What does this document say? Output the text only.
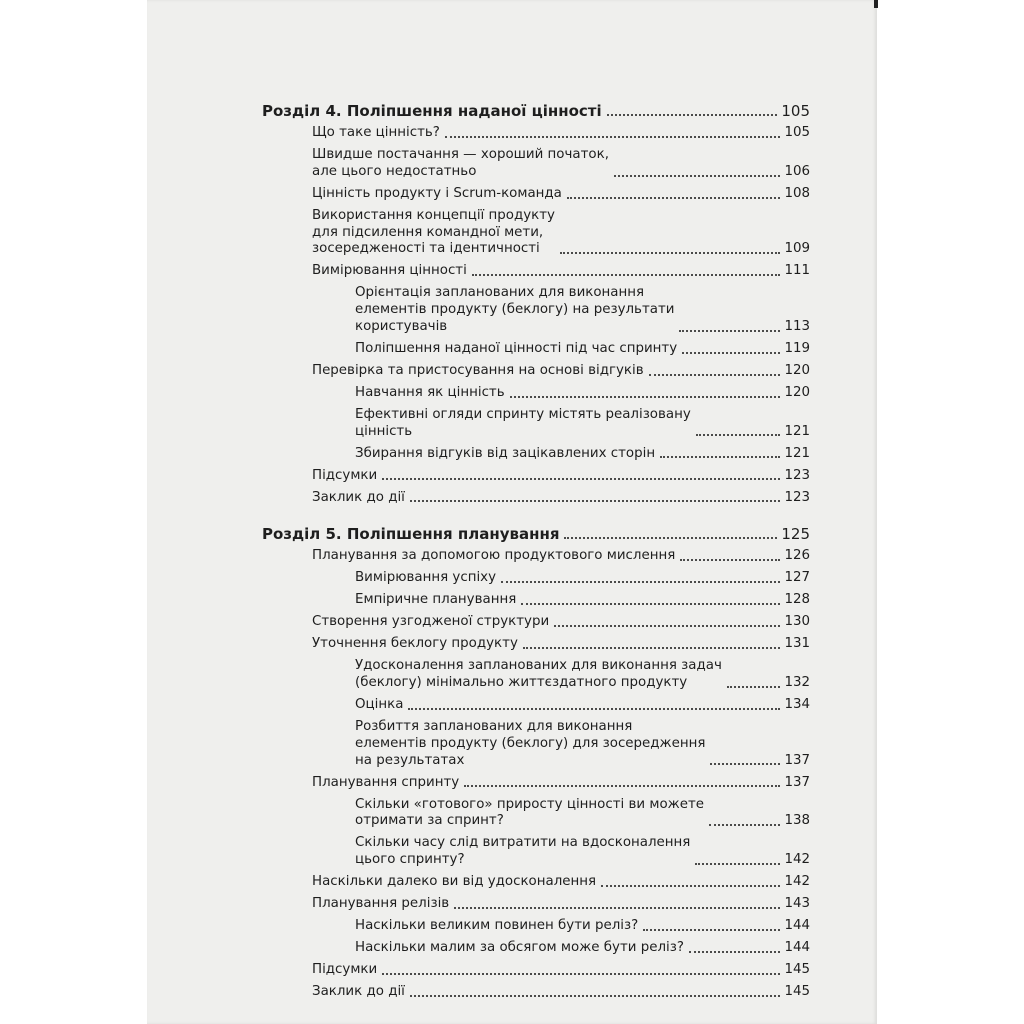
Розділ 4. Поліпшення наданої цінності	105
Що таке цінність?	105
Швидше постачання — хороший початок,
але цього недостатньо	106
Цінність продукту і Scrum-команда	108
Використання концепції продукту
для підсилення командної мети,
зосередженості та ідентичності	109
Вимірювання цінності	111
Орієнтація запланованих для виконання
елементів продукту (беклогу) на результати
користувачів	113
Поліпшення наданої цінності під час спринту	119
Перевірка та пристосування на основі відгуків	120
Навчання як цінність	120
Ефективні огляди спринту містять реалізовану
цінність	121
Збирання відгуків від зацікавлених сторін	121
Підсумки	123
Заклик до дії	123
Розділ 5. Поліпшення планування	125
Планування за допомогою продуктового мислення	126
Вимірювання успіху	127
Емпіричне планування	128
Створення узгодженої структури	130
Уточнення беклогу продукту	131
Удосконалення запланованих для виконання задач
(беклогу) мінімально життєздатного продукту	132
Оцінка	134
Розбиття запланованих для виконання
елементів продукту (беклогу) для зосередження
на результатах	137
Планування спринту	137
Скільки «готового» приросту цінності ви можете
отримати за спринт?	138
Скільки часу слід витратити на вдосконалення
цього спринту?	142
Наскільки далеко ви від удосконалення	142
Планування релізів	143
Наскільки великим повинен бути реліз?	144
Наскільки малим за обсягом може бути реліз?	144
Підсумки	145
Заклик до дії	145
